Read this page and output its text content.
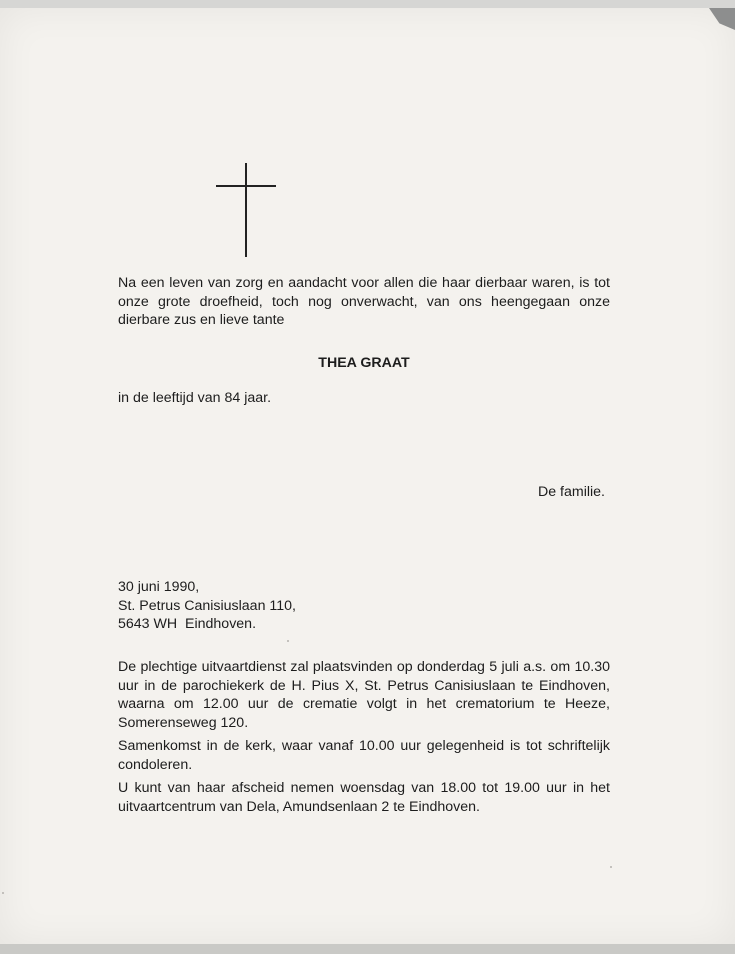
Na een leven van zorg en aandacht voor allen die haar dierbaar waren, is tot onze grote droefheid, toch nog onverwacht, van ons heengegaan onze dierbare zus en lieve tante
THEA GRAAT
in de leeftijd van 84 jaar.
De familie.
30 juni 1990,
St. Petrus Canisiuslaan 110,
5643 WH  Eindhoven.

De plechtige uitvaartdienst zal plaatsvinden op donderdag 5 juli a.s. om 10.30 uur in de parochiekerk de H. Pius X, St. Petrus Canisiuslaan te Eindhoven, waarna om 12.00 uur de crematie volgt in het crematorium te Heeze, Somerenseweg 120.

Samenkomst in de kerk, waar vanaf 10.00 uur gelegenheid is tot schriftelijk condoleren.

U kunt van haar afscheid nemen woensdag van 18.00 tot 19.00 uur in het uitvaartcentrum van Dela, Amundsenlaan 2 te Eindhoven.
